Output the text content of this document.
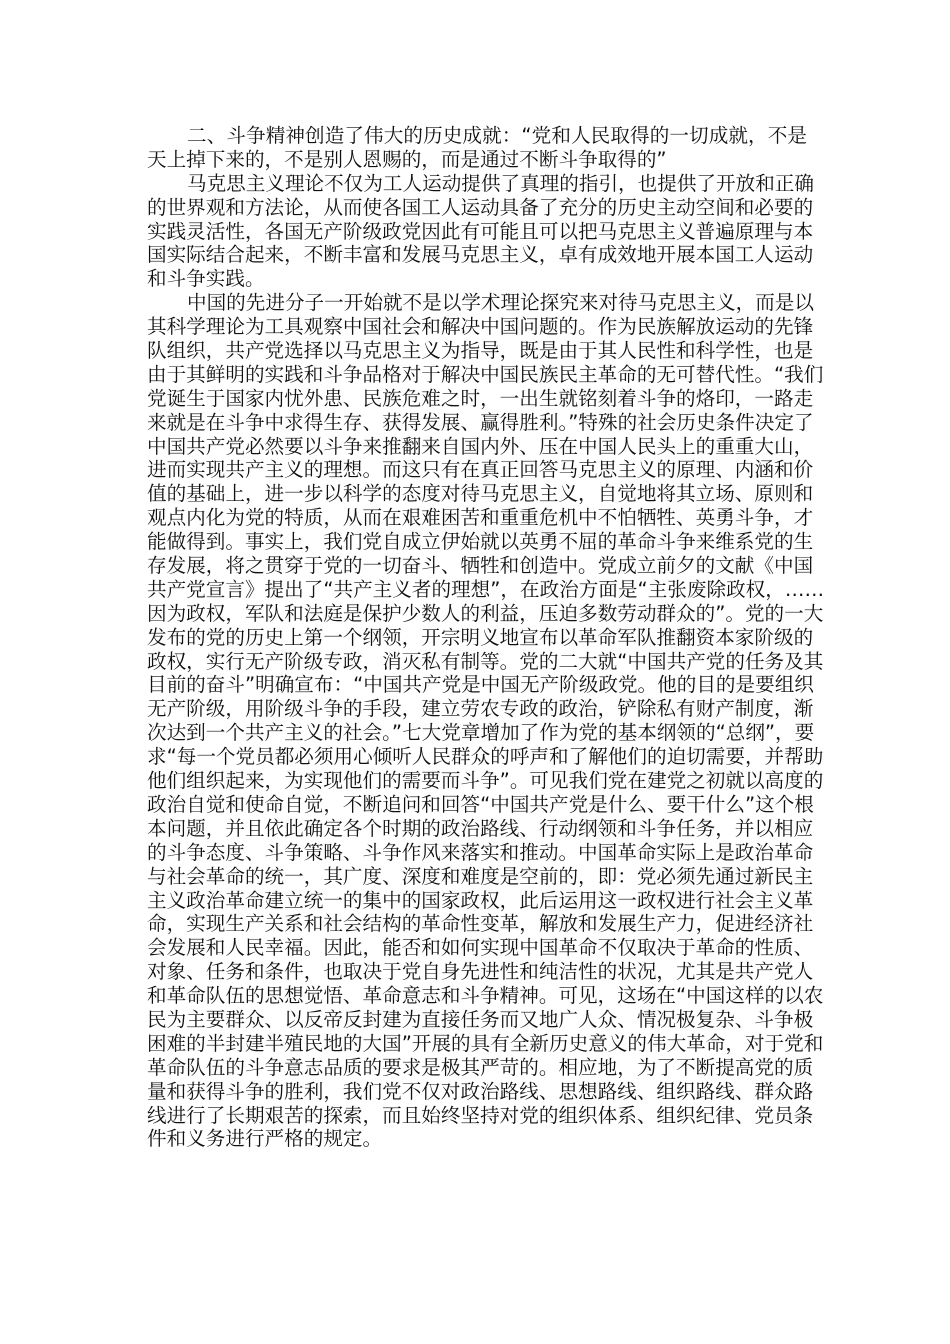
二、斗争精神创造了伟大的历史成就：“党和人民取得的一切成就，不是
天上掉下来的，不是别人恩赐的，而是通过不断斗争取得的”
马克思主义理论不仅为工人运动提供了真理的指引，也提供了开放和正确
的世界观和方法论，从而使各国工人运动具备了充分的历史主动空间和必要的
实践灵活性，各国无产阶级政党因此有可能且可以把马克思主义普遍原理与本
国实际结合起来，不断丰富和发展马克思主义，卓有成效地开展本国工人运动
和斗争实践。
中国的先进分子一开始就不是以学术理论探究来对待马克思主义，而是以
其科学理论为工具观察中国社会和解决中国问题的。作为民族解放运动的先锋
队组织，共产党选择以马克思主义为指导，既是由于其人民性和科学性，也是
由于其鲜明的实践和斗争品格对于解决中国民族民主革命的无可替代性。“我们
党诞生于国家内忧外患、民族危难之时，一出生就铭刻着斗争的烙印，一路走
来就是在斗争中求得生存、获得发展、赢得胜利。”特殊的社会历史条件决定了
中国共产党必然要以斗争来推翻来自国内外、压在中国人民头上的重重大山，
进而实现共产主义的理想。而这只有在真正回答马克思主义的原理、内涵和价
值的基础上，进一步以科学的态度对待马克思主义，自觉地将其立场、原则和
观点内化为党的特质，从而在艰难困苦和重重危机中不怕牺牲、英勇斗争，才
能做得到。事实上，我们党自成立伊始就以英勇不屈的革命斗争来维系党的生
存发展，将之贯穿于党的一切奋斗、牺牲和创造中。党成立前夕的文献《中国
共产党宣言》提出了“共产主义者的理想”，在政治方面是“主张废除政权，……
因为政权，军队和法庭是保护少数人的利益，压迫多数劳动群众的”。党的一大
发布的党的历史上第一个纲领，开宗明义地宣布以革命军队推翻资本家阶级的
政权，实行无产阶级专政，消灭私有制等。党的二大就“中国共产党的任务及其
目前的奋斗”明确宣布：“中国共产党是中国无产阶级政党。他的目的是要组织
无产阶级，用阶级斗争的手段，建立劳农专政的政治，铲除私有财产制度，渐
次达到一个共产主义的社会。”七大党章增加了作为党的基本纲领的“总纲”，要
求“每一个党员都必须用心倾听人民群众的呼声和了解他们的迫切需要，并帮助
他们组织起来，为实现他们的需要而斗争”。可见我们党在建党之初就以高度的
政治自觉和使命自觉，不断追问和回答“中国共产党是什么、要干什么”这个根
本问题，并且依此确定各个时期的政治路线、行动纲领和斗争任务，并以相应
的斗争态度、斗争策略、斗争作风来落实和推动。中国革命实际上是政治革命
与社会革命的统一，其广度、深度和难度是空前的，即：党必须先通过新民主
主义政治革命建立统一的集中的国家政权，此后运用这一政权进行社会主义革
命，实现生产关系和社会结构的革命性变革，解放和发展生产力，促进经济社
会发展和人民幸福。因此，能否和如何实现中国革命不仅取决于革命的性质、
对象、任务和条件，也取决于党自身先进性和纯洁性的状况，尤其是共产党人
和革命队伍的思想觉悟、革命意志和斗争精神。可见，这场在“中国这样的以农
民为主要群众、以反帝反封建为直接任务而又地广人众、情况极复杂、斗争极
困难的半封建半殖民地的大国”开展的具有全新历史意义的伟大革命，对于党和
革命队伍的斗争意志品质的要求是极其严苛的。相应地，为了不断提高党的质
量和获得斗争的胜利，我们党不仅对政治路线、思想路线、组织路线、群众路
线进行了长期艰苦的探索，而且始终坚持对党的组织体系、组织纪律、党员条
件和义务进行严格的规定。
